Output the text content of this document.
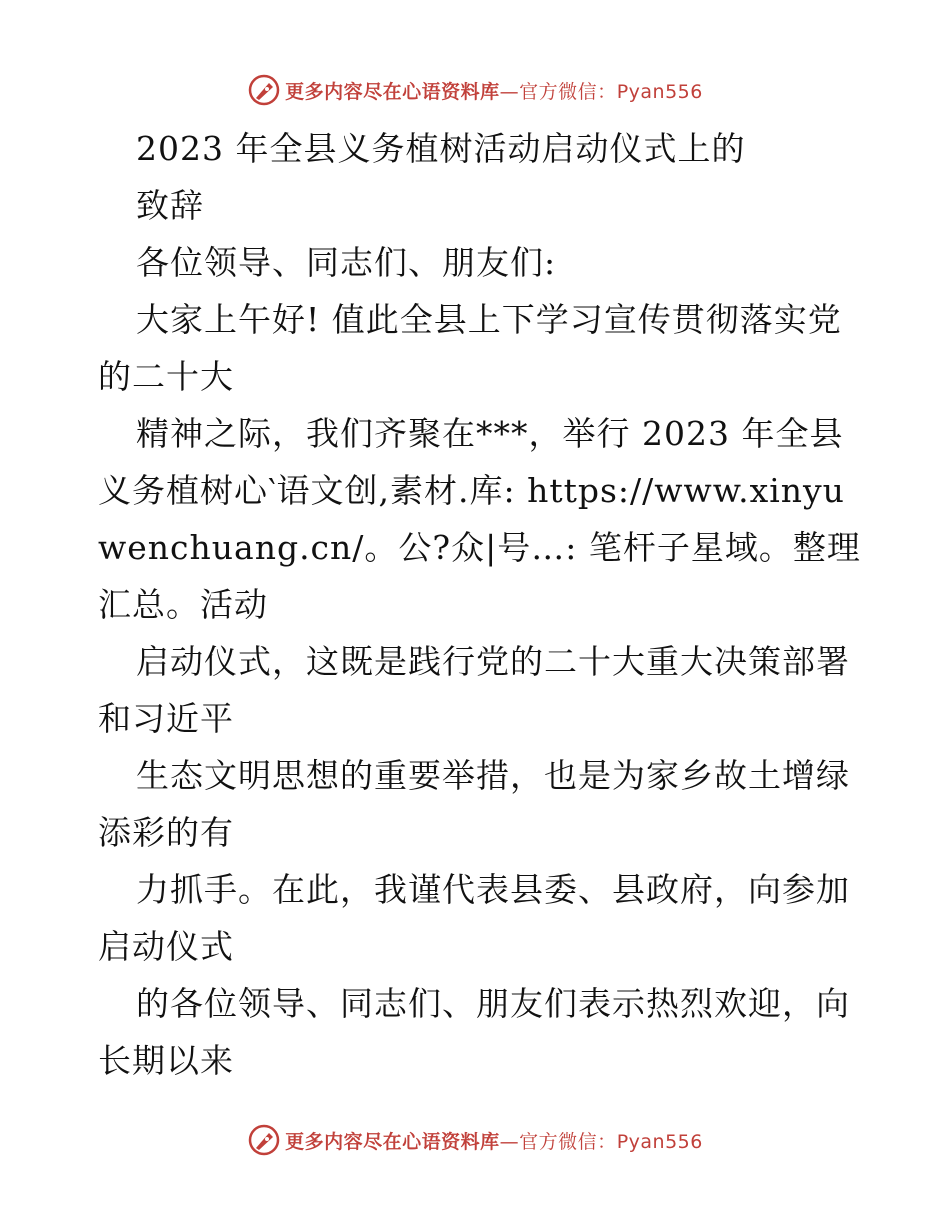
更多内容尽在心语资料库—官方微信：Pyan556
2023 年全县义务植树活动启动仪式上的
致辞
各位领导、同志们、朋友们:
大家上午好! 值此全县上下学习宣传贯彻落实党
的二十大
精神之际，我们齐聚在***，举行 2023 年全县
义务植树心‵语文创,素材.库: https://www.xinyu
wenchuang.cn/。公?众|号…: 笔杆子星域。整理
汇总。活动
启动仪式，这既是践行党的二十大重大决策部署
和习近平
生态文明思想的重要举措，也是为家乡故土增绿
添彩的有
力抓手。在此，我谨代表县委、县政府，向参加
启动仪式
的各位领导、同志们、朋友们表示热烈欢迎，向
长期以来
更多内容尽在心语资料库—官方微信：Pyan556
